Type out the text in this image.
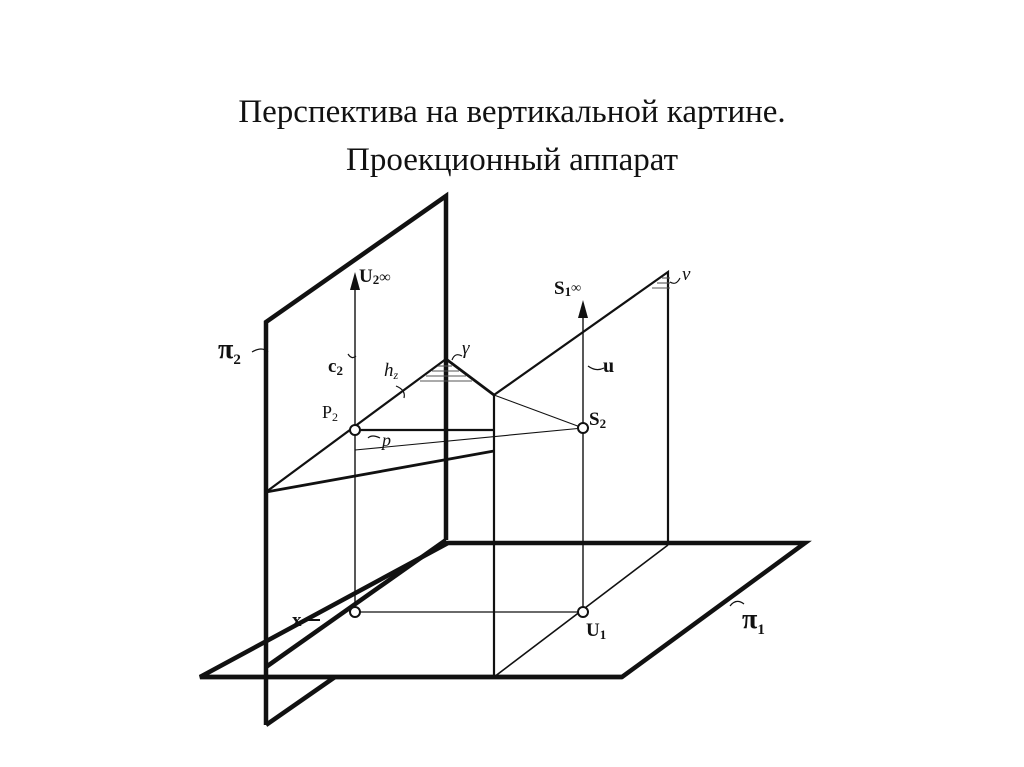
Перспектива на вертикальной картине.
Проекционный аппарат
$\pi_2$
U2∞
S1∞
c2 hz
γ
ν
u
P2	S2
p
x	U1	$\pi_1$
